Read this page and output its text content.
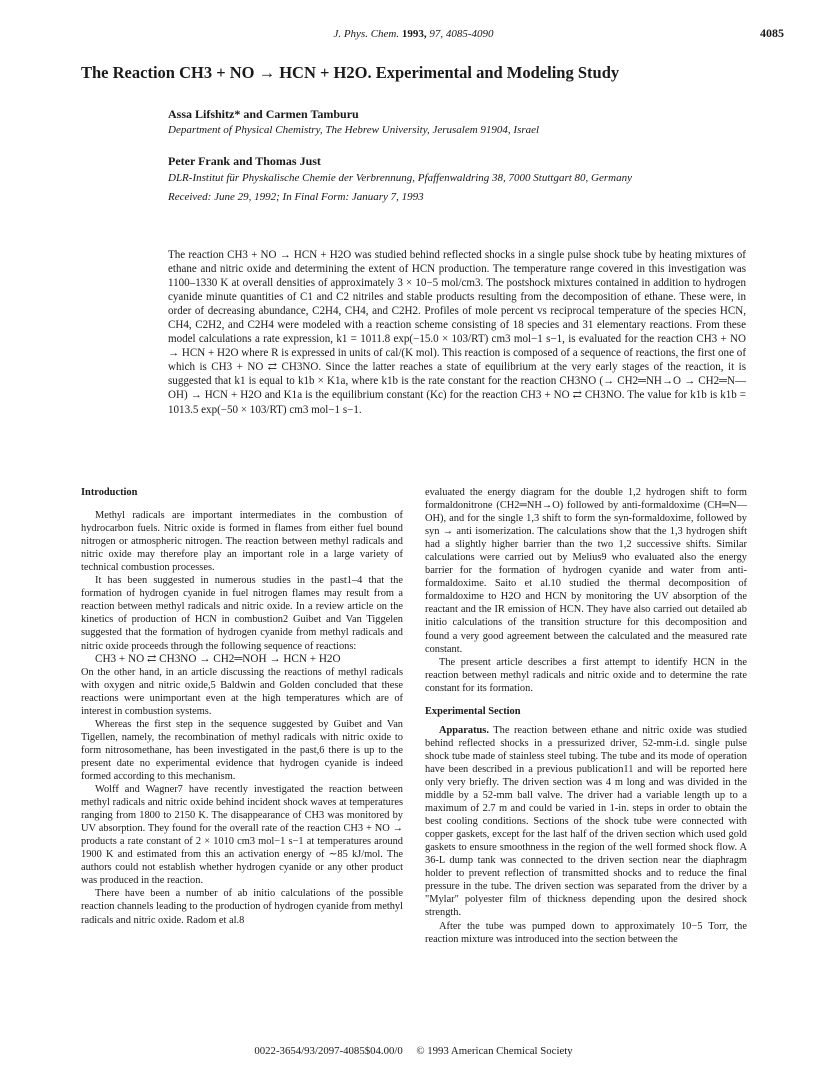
J. Phys. Chem. 1993, 97, 4085-4090	4085
The Reaction CH3 + NO → HCN + H2O. Experimental and Modeling Study
Assa Lifshitz* and Carmen Tamburu
Department of Physical Chemistry, The Hebrew University, Jerusalem 91904, Israel
Peter Frank and Thomas Just
DLR-Institut für Physkalische Chemie der Verbrennung, Pfaffenwaldring 38, 7000 Stuttgart 80, Germany
Received: June 29, 1992; In Final Form: January 7, 1993

The reaction CH3 + NO → HCN + H2O was studied behind reflected shocks in a single pulse shock tube by heating mixtures of ethane and nitric oxide and determining the extent of HCN production. The temperature range covered in this investigation was 1100–1330 K at overall densities of approximately 3 × 10−5 mol/cm3. The postshock mixtures contained in addition to hydrogen cyanide minute quantities of C1 and C2 nitriles and stable products resulting from the decomposition of ethane. These were, in order of decreasing abundance, C2H4, CH4, and C2H2. Profiles of mole percent vs reciprocal temperature of the species HCN, CH4, C2H2, and C2H4 were modeled with a reaction scheme consisting of 18 species and 31 elementary reactions. From these model calculations a rate expression, k1 = 1011.8 exp(−15.0 × 103/RT) cm3 mol−1 s−1, is evaluated for the reaction CH3 + NO → HCN + H2O where R is expressed in units of cal/(K mol). This reaction is composed of a sequence of reactions, the first one of which is CH3 + NO ⇄ CH3NO. Since the latter reaches a state of equilibrium at the very early stages of the reaction, it is suggested that k1 is equal to k1b × K1a, where k1b is the rate constant for the reaction CH3NO (→ CH2═NH→O → CH2═N—OH) → HCN + H2O and K1a is the equilibrium constant (Kc) for the reaction CH3 + NO ⇄ CH3NO. The value for k1b is k1b = 1013.5 exp(−50 × 103/RT) cm3 mol−1 s−1.

Introduction

Methyl radicals are important intermediates in the combustion of hydrocarbon fuels. Nitric oxide is formed in flames from either fuel bound nitrogen or atmospheric nitrogen. The reaction between methyl radicals and nitric oxide may therefore play an important role in a large variety of technical combustion processes.

It has been suggested in numerous studies in the past1–4 that the formation of hydrogen cyanide in fuel nitrogen flames may result from a reaction between methyl radicals and nitric oxide. In a review article on the kinetics of production of HCN in combustion2 Guibet and Van Tiggelen suggested that the formation of hydrogen cyanide from methyl radicals and nitric oxide proceeds through the following sequence of reactions:

CH3 + NO ⇄ CH3NO → CH2═NOH → HCN + H2O

On the other hand, in an article discussing the reactions of methyl radicals with oxygen and nitric oxide,5 Baldwin and Golden concluded that these reactions were unimportant even at the high temperatures which are of interest in combustion systems.

Whereas the first step in the sequence suggested by Guibet and Van Tigellen, namely, the recombination of methyl radicals with nitric oxide to form nitrosomethane, has been investigated in the past,6 there is up to the present date no experimental evidence that hydrogen cyanide is indeed formed according to this mechanism.

Wolff and Wagner7 have recently investigated the reaction between methyl radicals and nitric oxide behind incident shock waves at temperatures ranging from 1800 to 2150 K. The disappearance of CH3 was monitored by UV absorption. They found for the overall rate of the reaction CH3 + NO → products a rate constant of 2 × 1010 cm3 mol−1 s−1 at temperatures around 1900 K and estimated from this an activation energy of ∼85 kJ/mol. The authors could not establish whether hydrogen cyanide or any other product was produced in the reaction.

There have been a number of ab initio calculations of the possible reaction channels leading to the production of hydrogen cyanide from methyl radicals and nitric oxide. Radom et al.8

evaluated the energy diagram for the double 1,2 hydrogen shift to form formaldonitrone (CH2═NH→O) followed by anti-formaldoxime (CH═N—OH), and for the single 1,3 shift to form the syn-formaldoxime, followed by syn → anti isomerization. The calculations show that the 1,3 hydrogen shift had a slightly higher barrier than the two 1,2 successive shifts. Similar calculations were carried out by Melius9 who evaluated also the energy barrier for the formation of hydrogen cyanide and water from anti-formaldoxime. Saito et al.10 studied the thermal decomposition of formaldoxime to H2O and HCN by monitoring the UV absorption of the reactant and the IR emission of HCN. They have also carried out detailed ab initio calculations of the transition structure for this decomposition and found a very good agreement between the calculated and the measured rate constant.

The present article describes a first attempt to identify HCN in the reaction between methyl radicals and nitric oxide and to determine the rate constant for its formation.

Experimental Section

Apparatus. The reaction between ethane and nitric oxide was studied behind reflected shocks in a pressurized driver, 52-mm-i.d. single pulse shock tube made of stainless steel tubing. The tube and its mode of operation have been described in a previous publication11 and will be reported here only very briefly. The driven section was 4 m long and was divided in the middle by a 52-mm ball valve. The driver had a variable length up to a maximum of 2.7 m and could be varied in 1-in. steps in order to obtain the best cooling conditions. Sections of the shock tube were connected with copper gaskets, except for the last half of the driven section which used gold gaskets to ensure smoothness in the region of the well formed shock flow. A 36-L dump tank was connected to the driven section near the diaphragm holder to prevent reflection of transmitted shocks and to reduce the final pressure in the tube. The driven section was separated from the driver by a "Mylar" polyester film of thickness depending upon the desired shock strength.

After the tube was pumped down to approximately 10−5 Torr, the reaction mixture was introduced into the section between the

0022-3654/93/2097-4085$04.00/0 © 1993 American Chemical Society
